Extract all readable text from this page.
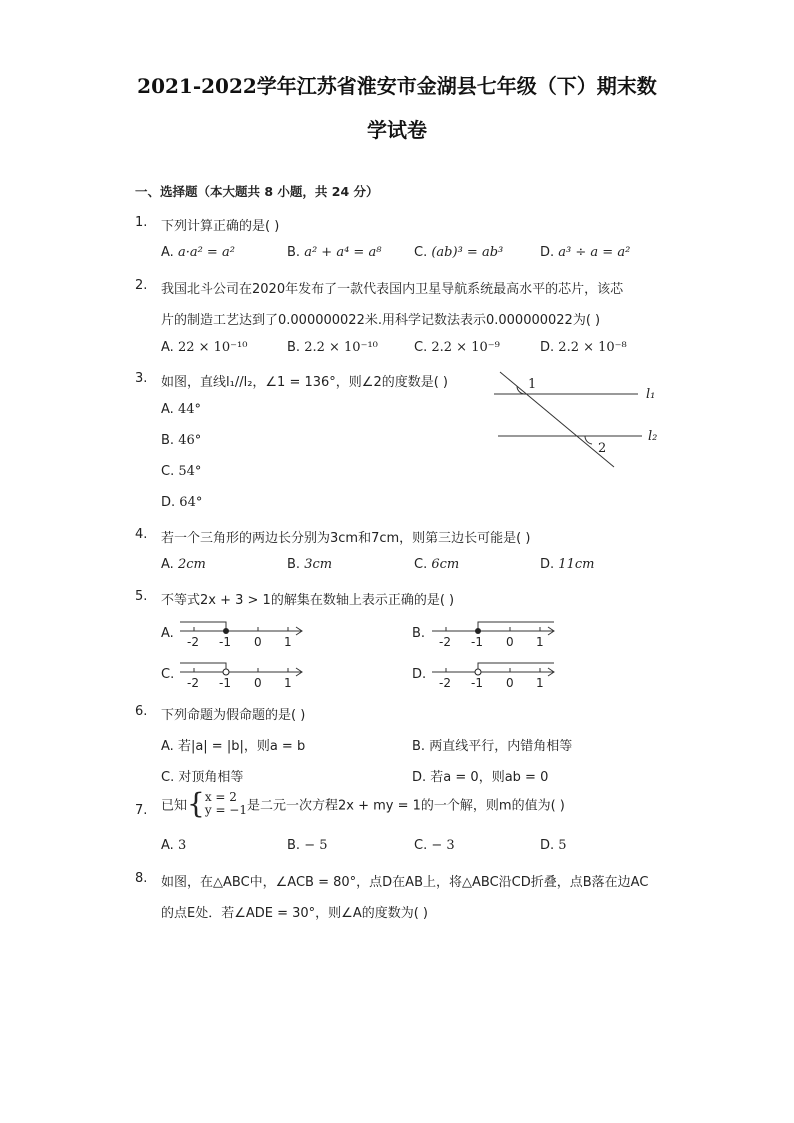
2021-2022学年江苏省淮安市金湖县七年级（下）期末数
学试卷
一、选择题（本大题共 8 小题，共 24 分）
1. 下列计算正确的是( )
A. a·a² = a²	B. a² + a⁴ = a⁸	C. (ab)³ = ab³	D. a³ ÷ a = a²
2. 我国北斗公司在2020年发布了一款代表国内卫星导航系统最高水平的芯片，该芯
片的制造工艺达到了0.000000022米.用科学记数法表示0.000000022为( )
A. 22 × 10⁻¹⁰	B. 2.2 × 10⁻¹⁰	C. 2.2 × 10⁻⁹	D. 2.2 × 10⁻⁸
3. 如图，直线l₁//l₂，∠1 = 136°，则∠2的度数是( )
A. 44°
B. 46°
C. 54°
D. 64°
1
2
l₁
l₂
4. 若一个三角形的两边长分别为3cm和7cm，则第三边长可能是( )
A. 2cm	B. 3cm	C. 6cm	D. 11cm
5. 不等式2x + 3 > 1的解集在数轴上表示正确的是( )
A.
-2 -1 0 1
B.
-2 -1 0 1
C.
-2 -1 0 1
D.
-2 -1 0 1
6. 下列命题为假命题的是( )
A. 若|a| = |b|，则a = b	B. 两直线平行，内错角相等
C. 对顶角相等	D. 若a = 0，则ab = 0
7. 已知{x = 2
y = −1是二元一次方程2x + my = 1的一个解，则m的值为( )
A. 3	B. − 5	C. − 3	D. 5
8. 如图，在△ABC中，∠ACB = 80°，点D在AB上，将△ABC沿CD折叠，点B落在边AC
的点E处．若∠ADE = 30°，则∠A的度数为( )
